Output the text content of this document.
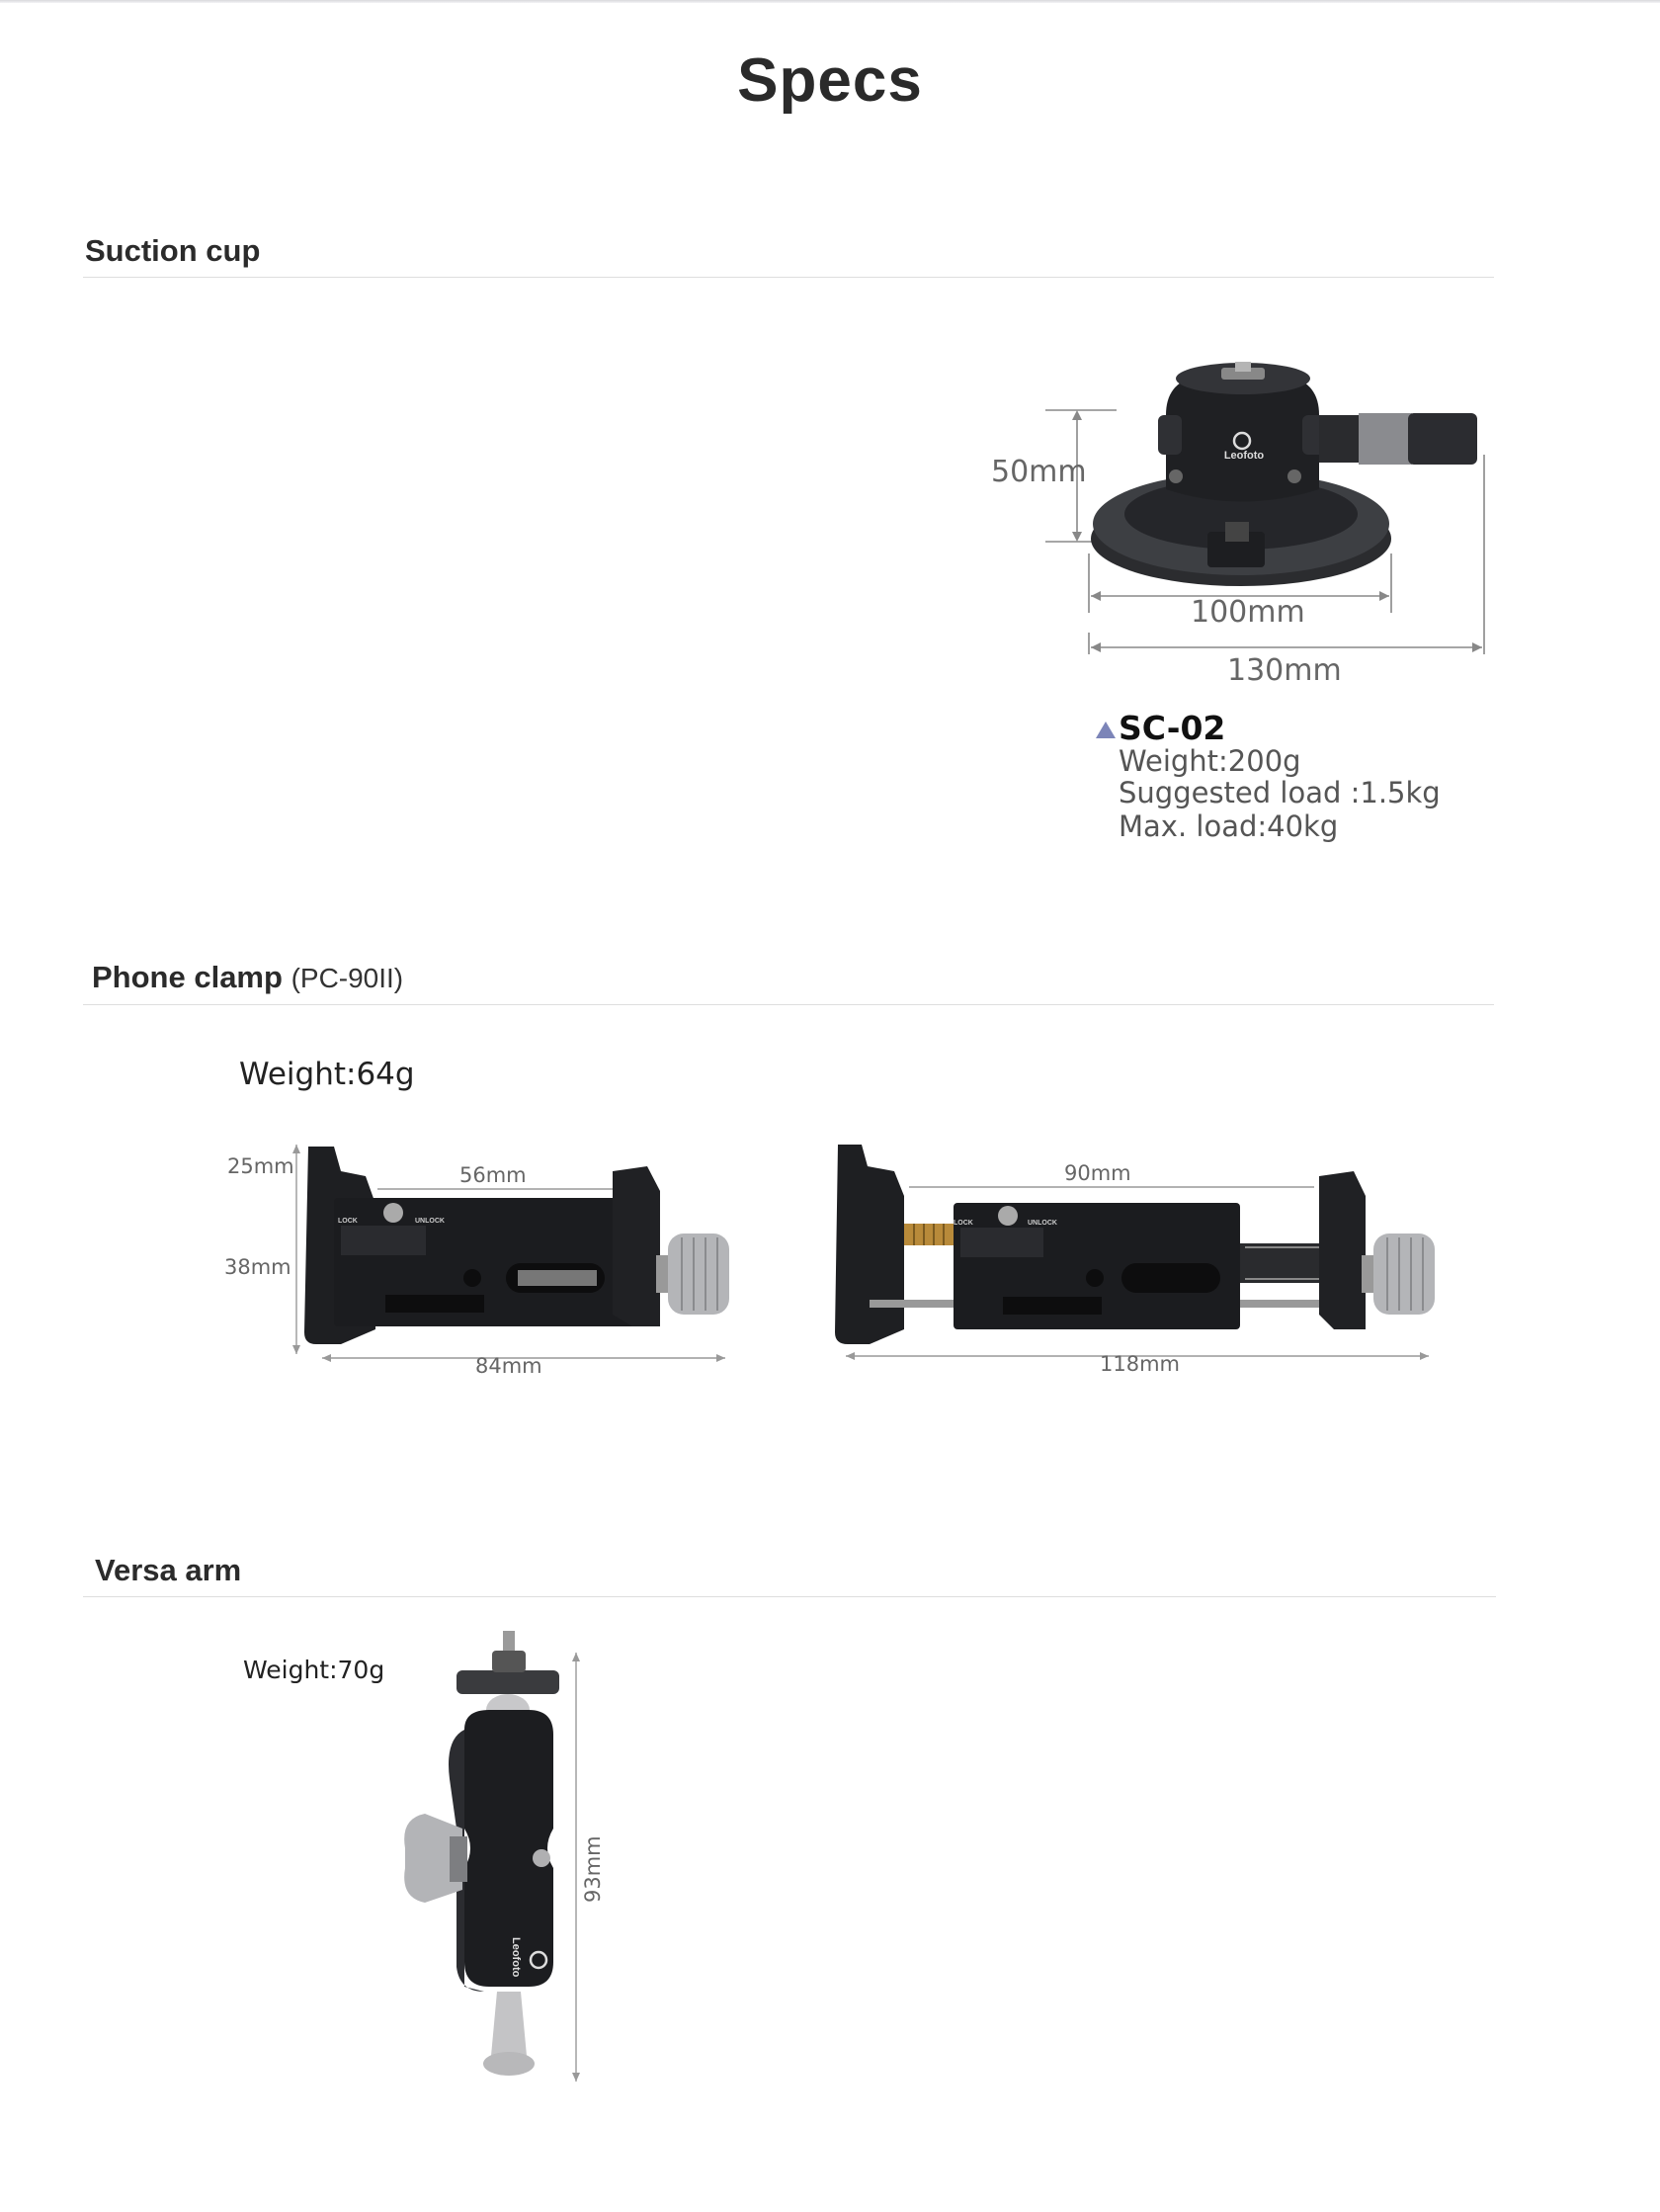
Specs
Suction cup
Leofoto
50mm
100mm
130mm
SC-02
Weight:200g
Suggested load :1.5kg
Max. load:40kg
Phone clamp (PC-90II)
Weight:64g
LOCK	UNLOCK	LOCK	UNLOCK
25mm
38mm
56mm
84mm
90mm
118mm
Versa arm
Weight:70g
Leofoto
93mm
